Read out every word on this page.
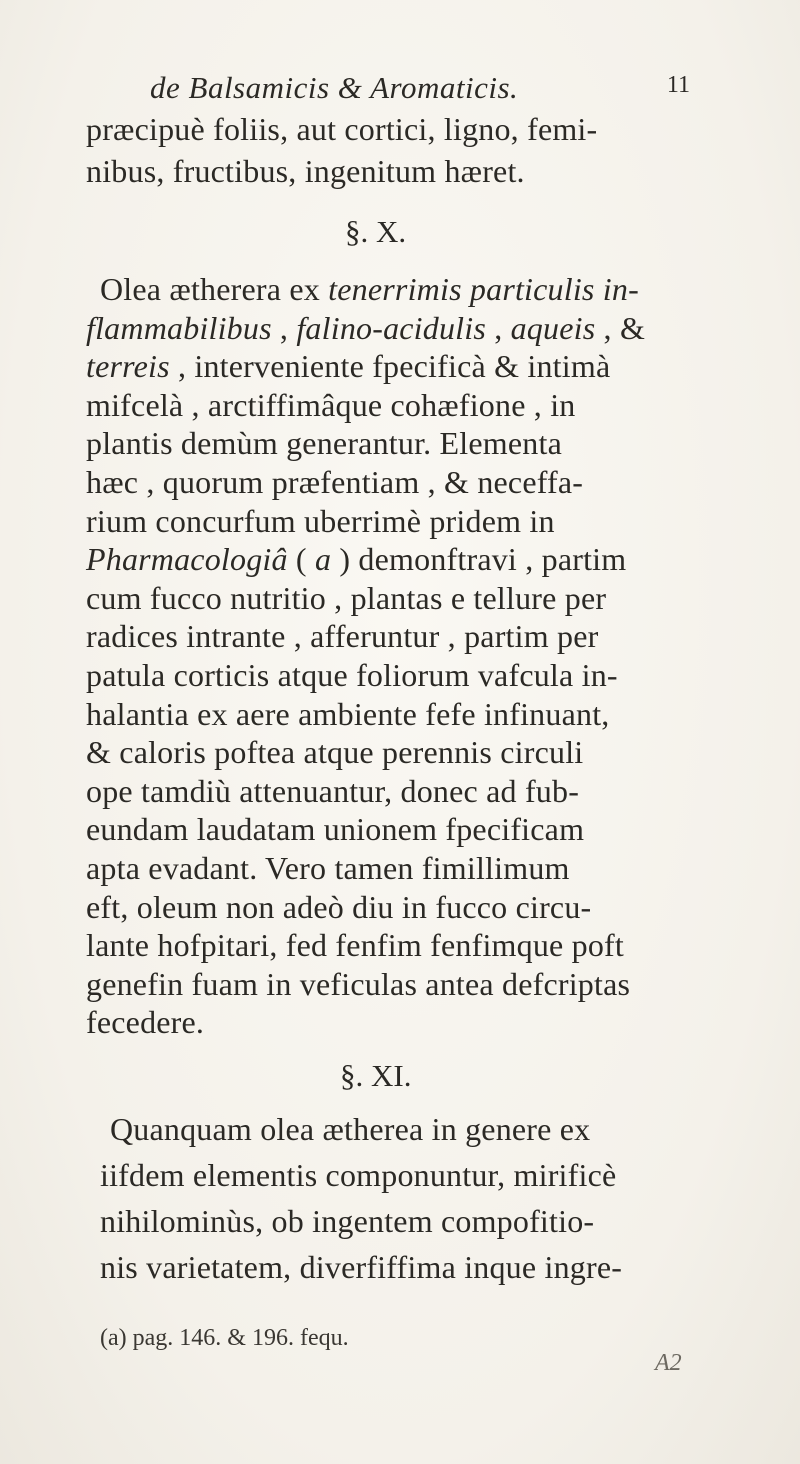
de Balsamicis & Aromaticis.	11
præcipuè foliis, aut cortici, ligno, femi-
nibus, fructibus, ingenitum hæret.
§. X.
Olea ætherera ex tenerrimis particulis in-
flammabilibus , falino-acidulis , aqueis , &
terreis , interveniente fpecificà & intimà
mifcelà , arctiffimâque cohæfione , in
plantis demùm generantur. Elementa
hæc , quorum præfentiam , & neceffa-
rium concurfum uberrimè pridem in
Pharmacologiâ ( a ) demonftravi , partim
cum fucco nutritio , plantas e tellure per
radices intrante , afferuntur , partim per
patula corticis atque foliorum vafcula in-
halantia ex aere ambiente fefe infinuant,
& caloris poftea atque perennis circuli
ope tamdiù attenuantur, donec ad fub-
eundam laudatam unionem fpecificam
apta evadant. Vero tamen fimillimum
eft, oleum non adeò diu in fucco circu-
lante hofpitari, fed fenfim fenfimque poft
genefin fuam in veficulas antea defcriptas
fecedere.
§. XI.
Quanquam olea ætherea in genere ex
iifdem elementis componuntur, mirificè
nihilominùs, ob ingentem compofitio-
nis varietatem, diverfiffima inque ingre-
(a) pag. 146. & 196. fequ.
A2
